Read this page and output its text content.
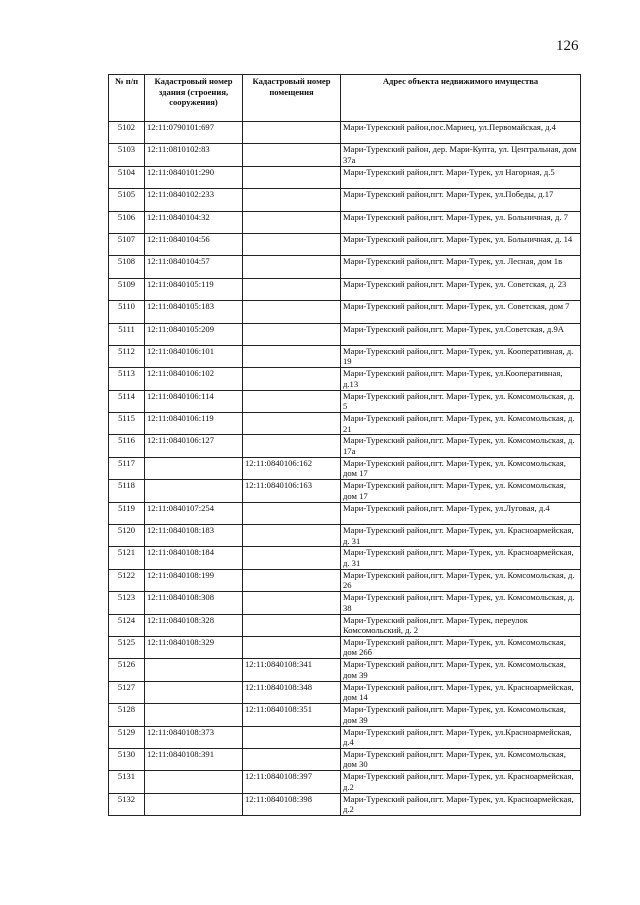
126
№ п/п	Кадастровый номер здания (строения, сооружения)	Кадастровый номер помещения	Адрес объекта недвижимого имущества
5102	12:11:0790101:697		Мари-Турекский район,пос.Мариец, ул.Первомайская, д.4
5103	12:11:0810102:83		Мари-Турекский район, дер. Мари-Купта, ул. Центральная, дом 37а
5104	12:11:0840101:290		Мари-Турекский район,пгт. Мари-Турек, ул Нагорная, д.5
5105	12:11:0840102:233		Мари-Турекский район,пгт. Мари-Турек, ул.Победы, д.17
5106	12:11:0840104:32		Мари-Турекский район,пгт. Мари-Турек, ул. Больничная, д. 7
5107	12:11:0840104:56		Мари-Турекский район,пгт. Мари-Турек, ул. Больничная, д. 14
5108	12:11:0840104:57		Мари-Турекский район,пгт. Мари-Турек, ул. Лесная, дом 1в
5109	12:11:0840105:119		Мари-Турекский район,пгт. Мари-Турек, ул. Советская, д. 23
5110	12:11:0840105:183		Мари-Турекский район,пгт. Мари-Турек, ул. Советская, дом 7
5111	12:11:0840105:209		Мари-Турекский район,пгт. Мари-Турек, ул.Советская, д.9А
5112	12:11:0840106:101		Мари-Турекский район,пгт. Мари-Турек, ул. Кооперативная, д. 19
5113	12:11:0840106:102		Мари-Турекский район,пгт. Мари-Турек, ул.Кооперативная, д.13
5114	12:11:0840106:114		Мари-Турекский район,пгт. Мари-Турек, ул. Комсомольская, д. 5
5115	12:11:0840106:119		Мари-Турекский район,пгт. Мари-Турек, ул. Комсомольская, д. 21
5116	12:11:0840106:127		Мари-Турекский район,пгт. Мари-Турек, ул. Комсомольская, д. 17а
5117		12:11:0840106:162	Мари-Турекский район,пгт. Мари-Турек, ул. Комсомольская, дом 17
5118		12:11:0840106:163	Мари-Турекский район,пгт. Мари-Турек, ул. Комсомольская, дом 17
5119	12:11:0840107:254		Мари-Турекский район,пгт. Мари-Турек, ул.Луговая, д.4
5120	12:11:0840108:183		Мари-Турекский район,пгт. Мари-Турек, ул. Красноармейская, д. 31
5121	12:11:0840108:184		Мари-Турекский район,пгт. Мари-Турек, ул. Красноармейская, д. 31
5122	12:11:0840108:199		Мари-Турекский район,пгт. Мари-Турек, ул. Комсомольская, д. 26
5123	12:11:0840108:308		Мари-Турекский район,пгт. Мари-Турек, ул. Комсомольская, д. 38
5124	12:11:0840108:328		Мари-Турекский район,пгт. Мари-Турек, переулок Комсомольский, д. 2
5125	12:11:0840108:329		Мари-Турекский район,пгт. Мари-Турек, ул. Комсомольская, дом 26б
5126		12:11:0840108:341	Мари-Турекский район,пгт. Мари-Турек, ул. Комсомольская, дом 39
5127		12:11:0840108:348	Мари-Турекский район,пгт. Мари-Турек, ул. Красноармейская, дом 14
5128		12:11:0840108:351	Мари-Турекский район,пгт. Мари-Турек, ул. Комсомольская, дом 39
5129	12:11:0840108:373		Мари-Турекский район,пгт. Мари-Турек, ул.Красноармейская, д.4
5130	12:11:0840108:391		Мари-Турекский район,пгт. Мари-Турек, ул. Комсомольская, дом 30
5131		12:11:0840108:397	Мари-Турекский район,пгт. Мари-Турек, ул. Красноармейская, д.2
5132		12:11:0840108:398	Мари-Турекский район,пгт. Мари-Турек, ул. Красноармейская, д.2
